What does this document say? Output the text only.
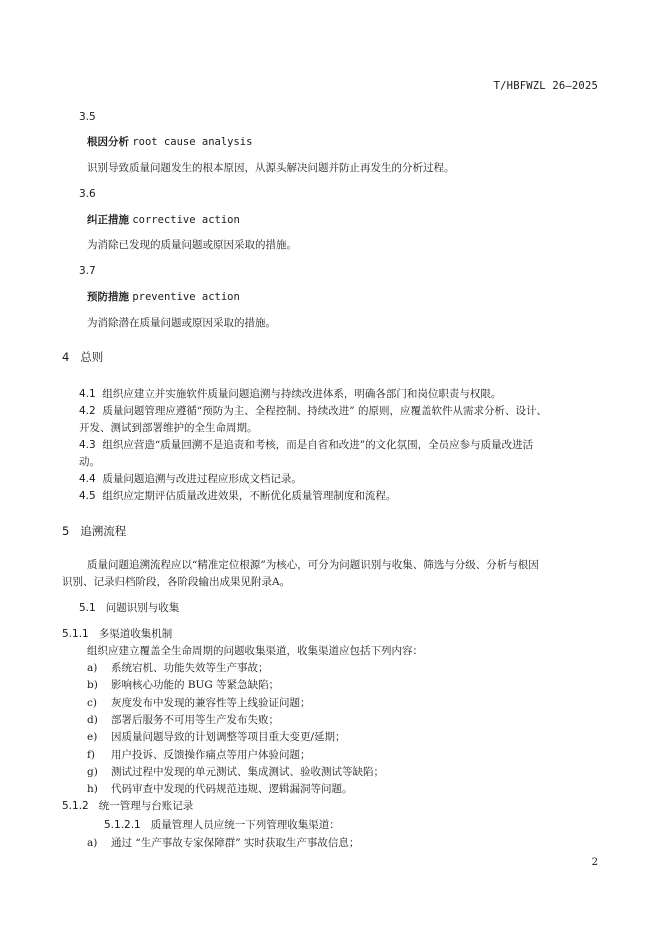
T/HBFWZL 26—2025
3.5
根因分析 root cause analysis
识别导致质量问题发生的根本原因，从源头解决问题并防止再发生的分析过程。
3.6
纠正措施 corrective action
为消除已发现的质量问题或原因采取的措施。
3.7
预防措施 preventive action
为消除潜在质量问题或原因采取的措施。
4 总则
4.1 组织应建立并实施软件质量问题追溯与持续改进体系，明确各部门和岗位职责与权限。
4.2 质量问题管理应遵循“预防为主、全程控制、持续改进” 的原则，应覆盖软件从需求分析、设计、
开发、测试到部署维护的全生命周期。
4.3 组织应营造“质量回溯不是追责和考核，而是自省和改进”的文化氛围，全员应参与质量改进活
动。
4.4 质量问题追溯与改进过程应形成文档记录。
4.5 组织应定期评估质量改进效果，不断优化质量管理制度和流程。
5 追溯流程
质量问题追溯流程应以“精准定位根源”为核心，可分为问题识别与收集、筛选与分级、分析与根因
识别、记录归档阶段，各阶段输出成果见附录A。
5.1 问题识别与收集
5.1.1 多渠道收集机制
组织应建立覆盖全生命周期的问题收集渠道，收集渠道应包括下列内容：
a) 系统宕机、功能失效等生产事故；
b) 影响核心功能的 BUG 等紧急缺陷；
c) 灰度发布中发现的兼容性等上线验证问题；
d) 部署后服务不可用等生产发布失败；
e) 因质量问题导致的计划调整等项目重大变更/延期；
f) 用户投诉、反馈操作痛点等用户体验问题；
g) 测试过程中发现的单元测试、集成测试、验收测试等缺陷；
h) 代码审查中发现的代码规范违规、逻辑漏洞等问题。
5.1.2 统一管理与台账记录
5.1.2.1 质量管理人员应统一下列管理收集渠道：
a) 通过 “生产事故专家保障群” 实时获取生产事故信息；
2
